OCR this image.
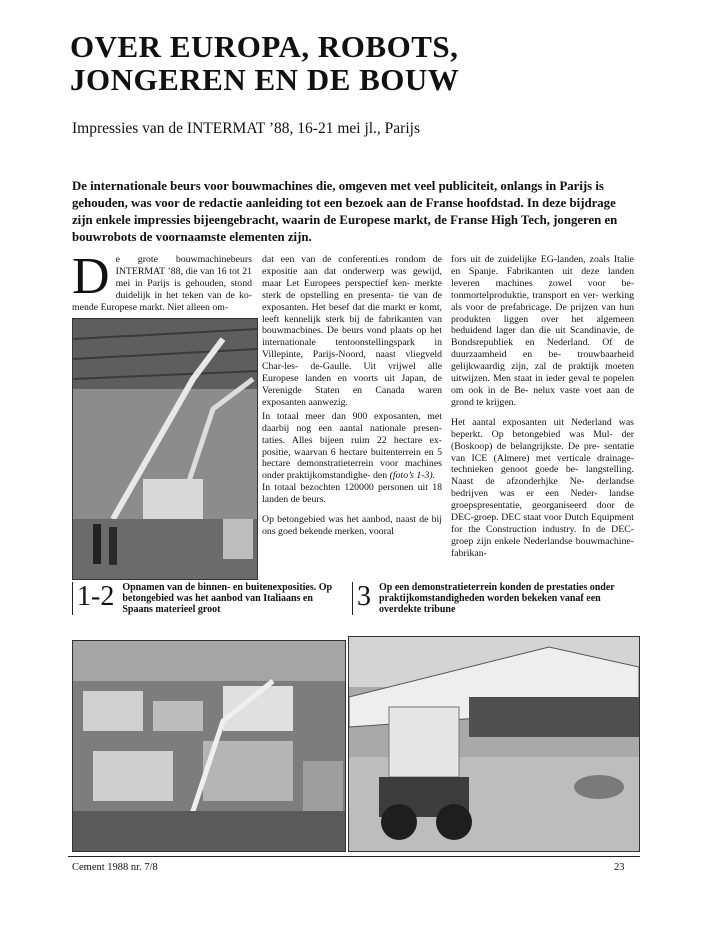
OVER EUROPA, ROBOTS,
JONGEREN EN DE BOUW

Impressies van de INTERMAT ’88, 16-21 mei jl., Parijs

De internationale beurs voor bouwmachines die, omgeven met veel publiciteit, onlangs in Parijs is gehouden, was voor de redactie aanleiding tot een bezoek aan de Franse hoofdstad. In deze bijdrage zijn enkele impressies bijeengebracht, waarin de Europese markt, de Franse High Tech, jongeren en bouwrobots de voornaamste elementen zijn.

De grote bouwmachinebeurs INTERMAT ’88, die van 16 tot 21 mei in Parijs is gehouden, stond duidelijk in het teken van de ko- mende Europese markt. Niet alleen om-

dat een van de conferenti.es rondom de expositie aan dat onderwerp was gewijd, maar Let Europees perspectief ken- merkte sterk de opstelling en presenta- tie van de exposanten. Het besef dat die markt er komt, leeft kennelijk sterk bij de fabrikanten van bouwmacbines. De beurs vond plaats op het internationale tentoonstellingspark in Villepinte, Parijs-Noord, naast vliegveld Char-les- de-Gaulle. Uit vrijwel alle Europese landen en voorts uit Japan, de Verenigde Staten en Canada waren exposanten aanwezig.

In totaal meer dan 900 exposanten, met daarbij nog een aantal nationale presen- taties. Alles bijeen ruim 22 hectare ex- positie, waarvan 6 hectare buitenterrein en 5 hectare demonstratieterrein voor machines onder praktijkomstandighe- den (foto’s 1-3).
In totaal bezochten 120000 personen uit 18 landen de beurs.

Op betongebied was het aanbod, naast de bij ons goed bekende merken, vooral

fors uit de zuidelijke EG-landen, zoals Italie en Spanje. Fabrikanten uit deze landen leveren machines zowel voor be- tonmortelproduktie, transport en ver- werking als voor de prefabricage. De prijzen van hun produkten liggen over het algemeen beduidend lager dan die uit Scandinavie, de Bondsrepubliek en Nederland. Of de duurzaamheid en be- trouwbaarheid gelijkwaardig zijn, zal de praktijk moeten uitwijzen. Men staat in ieder geval te popelen om ook in de Be- nelux vaste voet aan de grond te krijgen.

Het aantal exposanten uit Nederland was beperkt. Op betongebied was Mul- der (Boskoop) de belangrijkste. De pre- sentatie van ICE (Almere) met verticale drainage-technieken genoot goede be- langstelling. Naast de afzonderhjke Ne- derlandse bedrijven was er een Neder- landse groepspresentatie, georganiseerd door de DEC-groep. DEC staat voor Dutch Equipment for the Construction industry. In de DEC-groep zijn enkele Nederlandse bouwmachine-fabrikan-

1-2 Opnamen van de binnen- en buitenexposities. Op betongebied was het aanbod van Italiaans en Spaans materieel groot	3 Op een demonstratieterrein konden de prestaties onder praktijkomstandigheden worden bekeken vanaf een overdekte tribune
Cement 1988 nr. 7/8	23
